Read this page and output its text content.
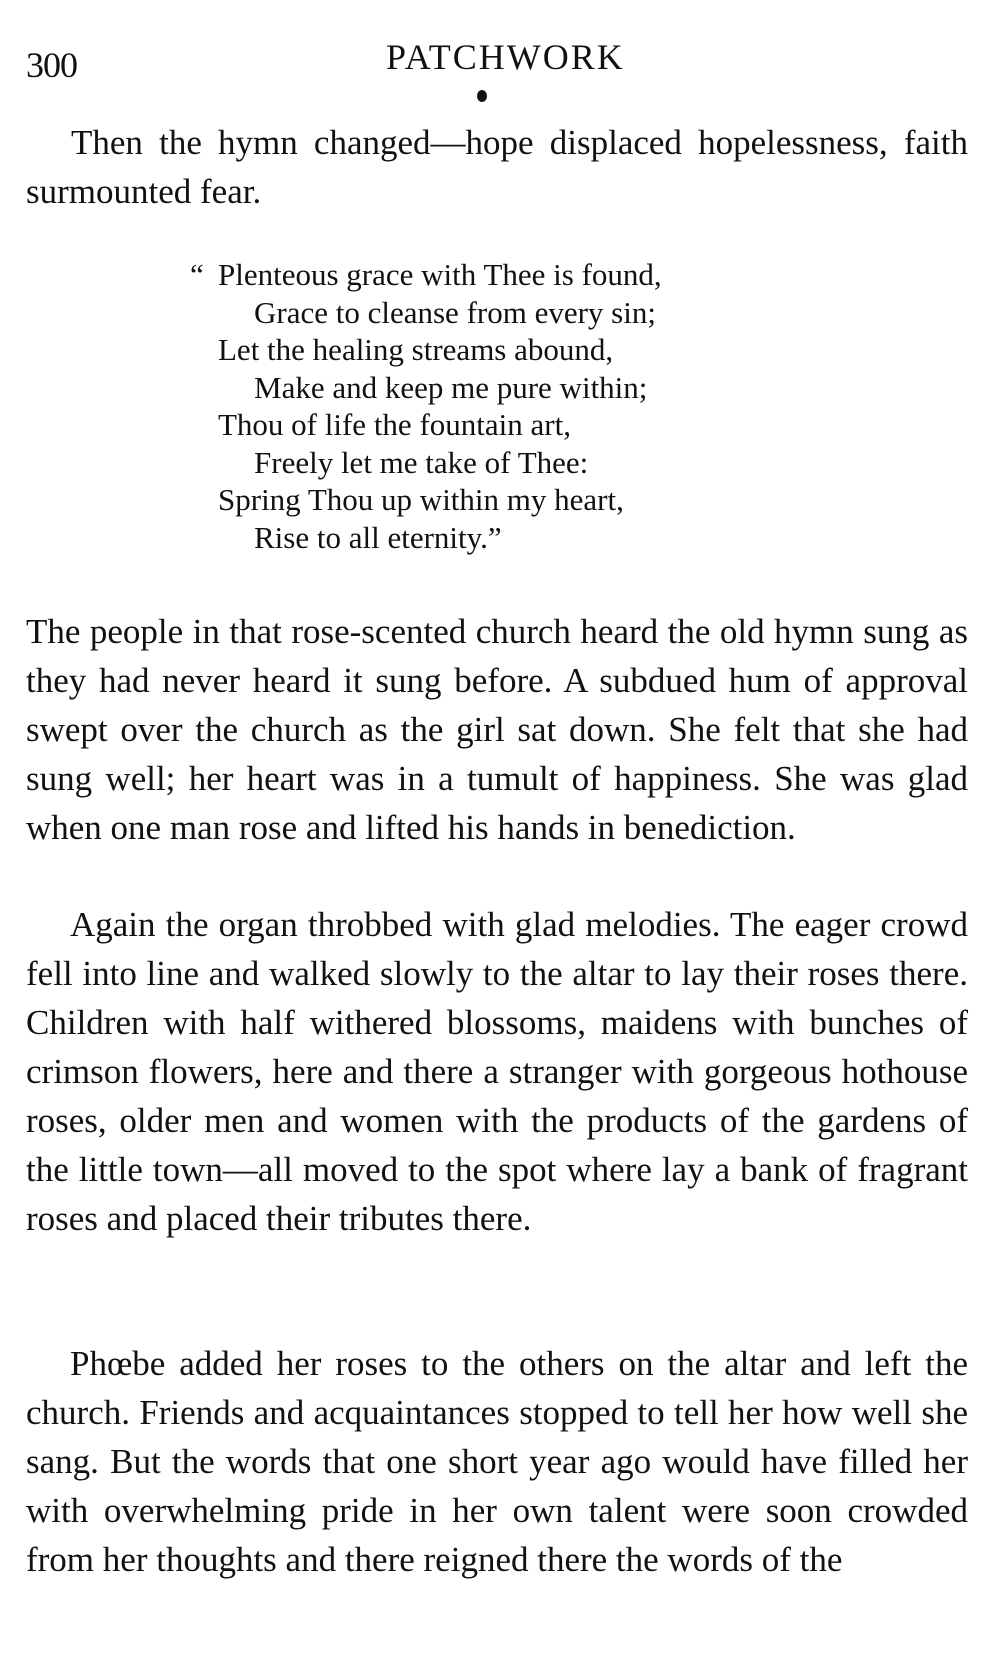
300	PATCHWORK

Then the hymn changed—hope displaced hopelessness, faith surmounted fear.

“ Plenteous grace with Thee is found,
Grace to cleanse from every sin;
Let the healing streams abound,
Make and keep me pure within;
Thou of life the fountain art,
Freely let me take of Thee:
Spring Thou up within my heart,
Rise to all eternity.”

The people in that rose-scented church heard the old hymn sung as they had never heard it sung before. A subdued hum of approval swept over the church as the girl sat down. She felt that she had sung well; her heart was in a tumult of happiness. She was glad when one man rose and lifted his hands in benediction.

Again the organ throbbed with glad melodies. The eager crowd fell into line and walked slowly to the altar to lay their roses there. Children with half withered blossoms, maidens with bunches of crimson flowers, here and there a stranger with gorgeous hothouse roses, older men and women with the products of the gardens of the little town—all moved to the spot where lay a bank of fragrant roses and placed their tributes there.

Phœbe added her roses to the others on the altar and left the church. Friends and acquaintances stopped to tell her how well she sang. But the words that one short year ago would have filled her with overwhelming pride in her own talent were soon crowded from her thoughts and there reigned there the words of the
